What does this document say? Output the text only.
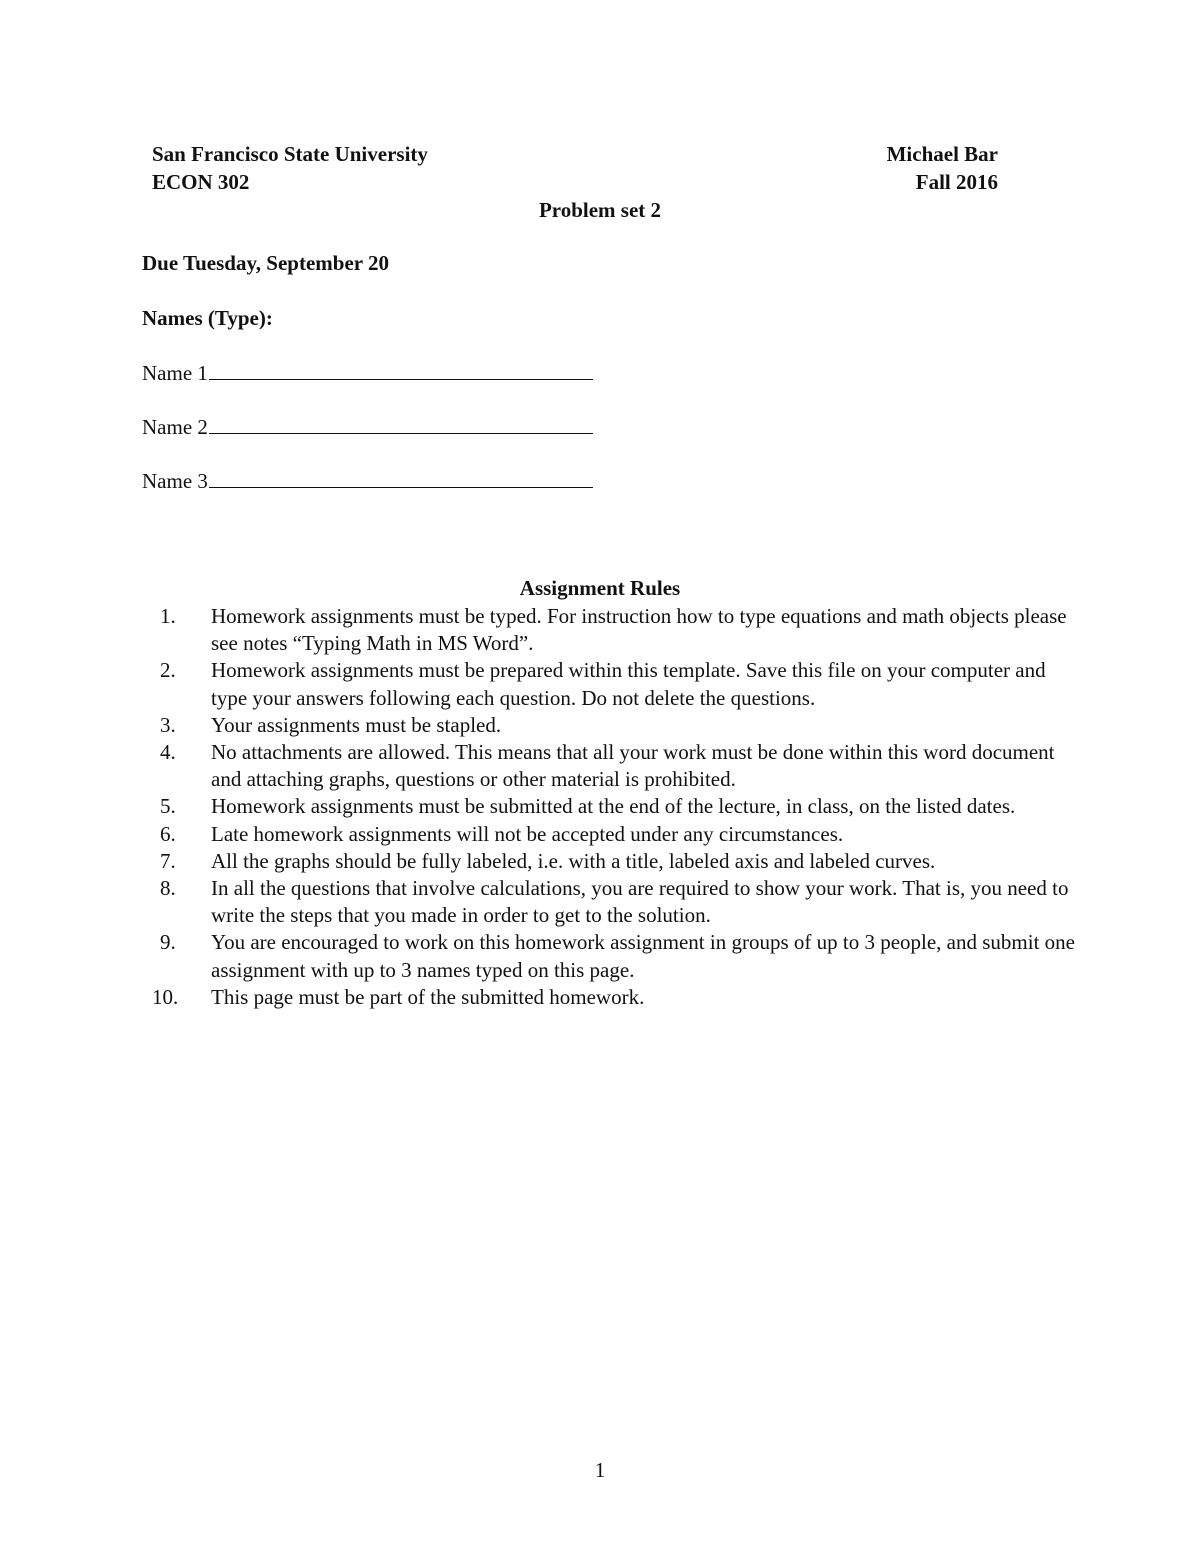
San Francisco State University	Michael Bar
ECON 302	Fall 2016
Problem set 2
Due Tuesday, September 20
Names (Type):
Name 1
Name 2
Name 3
Assignment Rules
1.	Homework assignments must be typed. For instruction how to type equations and math objects please see notes “Typing Math in MS Word”.
2.	Homework assignments must be prepared within this template. Save this file on your computer and type your answers following each question. Do not delete the questions.
3.	Your assignments must be stapled.
4.	No attachments are allowed. This means that all your work must be done within this word document and attaching graphs, questions or other material is prohibited.
5.	Homework assignments must be submitted at the end of the lecture, in class, on the listed dates.
6.	Late homework assignments will not be accepted under any circumstances.
7.	All the graphs should be fully labeled, i.e. with a title, labeled axis and labeled curves.
8.	In all the questions that involve calculations, you are required to show your work. That is, you need to write the steps that you made in order to get to the solution.
9.	You are encouraged to work on this homework assignment in groups of up to 3 people, and submit one assignment with up to 3 names typed on this page.
10.	This page must be part of the submitted homework.
1
